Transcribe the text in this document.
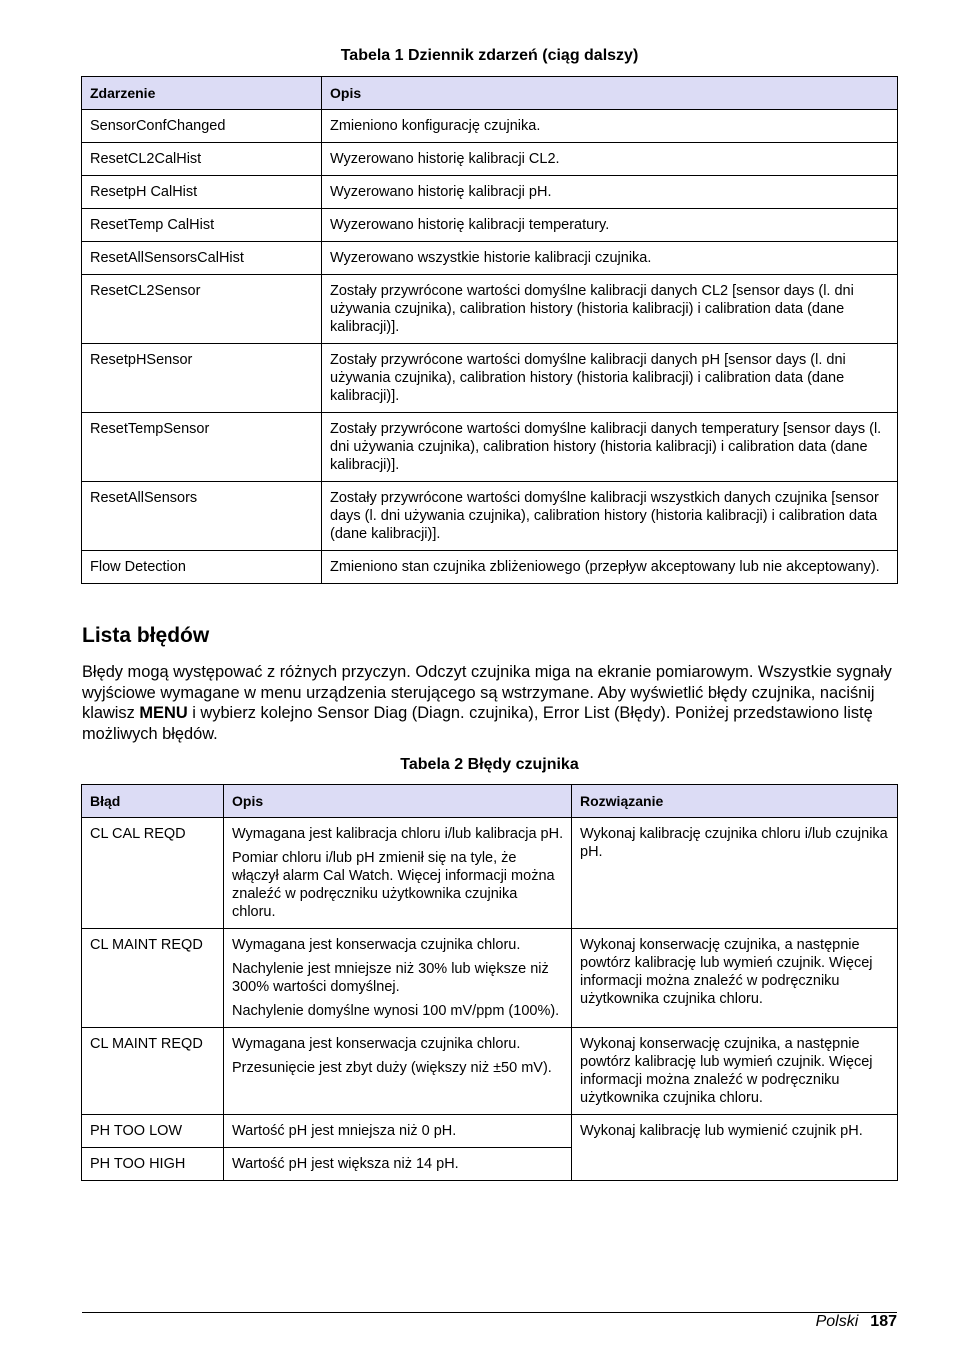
Tabela 1 Dziennik zdarzeń (ciąg dalszy)
Zdarzenie	Opis
SensorConfChanged	Zmieniono konfigurację czujnika.
ResetCL2CalHist	Wyzerowano historię kalibracji CL2.
ResetpH CalHist	Wyzerowano historię kalibracji pH.
ResetTemp CalHist	Wyzerowano historię kalibracji temperatury.
ResetAllSensorsCalHist	Wyzerowano wszystkie historie kalibracji czujnika.
ResetCL2Sensor	Zostały przywrócone wartości domyślne kalibracji danych CL2 [sensor days (l. dni używania czujnika), calibration history (historia kalibracji) i calibration data (dane kalibracji)].
ResetpHSensor	Zostały przywrócone wartości domyślne kalibracji danych pH [sensor days (l. dni używania czujnika), calibration history (historia kalibracji) i calibration data (dane kalibracji)].
ResetTempSensor	Zostały przywrócone wartości domyślne kalibracji danych temperatury [sensor days (l. dni używania czujnika), calibration history (historia kalibracji) i calibration data (dane kalibracji)].
ResetAllSensors	Zostały przywrócone wartości domyślne kalibracji wszystkich danych czujnika [sensor days (l. dni używania czujnika), calibration history (historia kalibracji) i calibration data (dane kalibracji)].
Flow Detection	Zmieniono stan czujnika zbliżeniowego (przepływ akceptowany lub nie akceptowany).
Lista błędów

Błędy mogą występować z różnych przyczyn. Odczyt czujnika miga na ekranie pomiarowym. Wszystkie sygnały wyjściowe wymagane w menu urządzenia sterującego są wstrzymane. Aby wyświetlić błędy czujnika, naciśnij klawisz MENU i wybierz kolejno Sensor Diag (Diagn. czujnika), Error List (Błędy). Poniżej przedstawiono listę możliwych błędów.

Tabela 2 Błędy czujnika
Błąd	Opis	Rozwiązanie
CL CAL REQD	Wymagana jest kalibracja chloru i/lub kalibracja pH.

Pomiar chloru i/lub pH zmienił się na tyle, że włączył alarm Cal Watch. Więcej informacji można znaleźć w podręczniku użytkownika czujnika chloru.	Wykonaj kalibrację czujnika chloru i/lub czujnika pH.
CL MAINT REQD	Wymagana jest konserwacja czujnika chloru.

Nachylenie jest mniejsze niż 30% lub większe niż 300% wartości domyślnej.

Nachylenie domyślne wynosi 100 mV/ppm (100%).	Wykonaj konserwację czujnika, a następnie powtórz kalibrację lub wymień czujnik. Więcej informacji można znaleźć w podręczniku użytkownika czujnika chloru.
CL MAINT REQD	Wymagana jest konserwacja czujnika chloru.

Przesunięcie jest zbyt duży (większy niż ±50 mV).	Wykonaj konserwację czujnika, a następnie powtórz kalibrację lub wymień czujnik. Więcej informacji można znaleźć w podręczniku użytkownika czujnika chloru.
PH TOO LOW	Wartość pH jest mniejsza niż 0 pH.	Wykonaj kalibrację lub wymienić czujnik pH.
PH TOO HIGH	Wartość pH jest większa niż 14 pH.	

Polski 187
